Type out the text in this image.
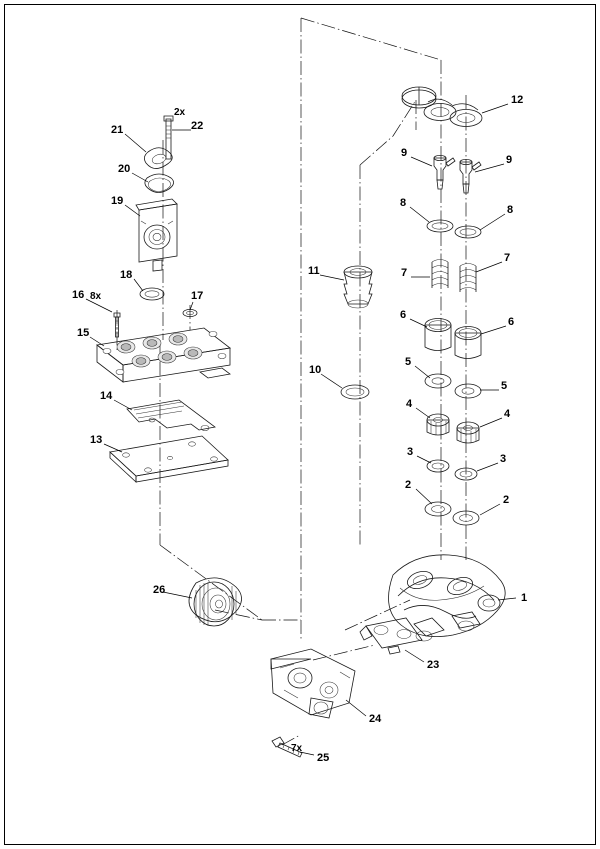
1
2
2
3
3
4
4
5
5
6
6
7
7
8
8
9
9
10
11
12
13
14
15
16	17
18
19
20
21	22
23
24
25
26
2x
8x
7x
